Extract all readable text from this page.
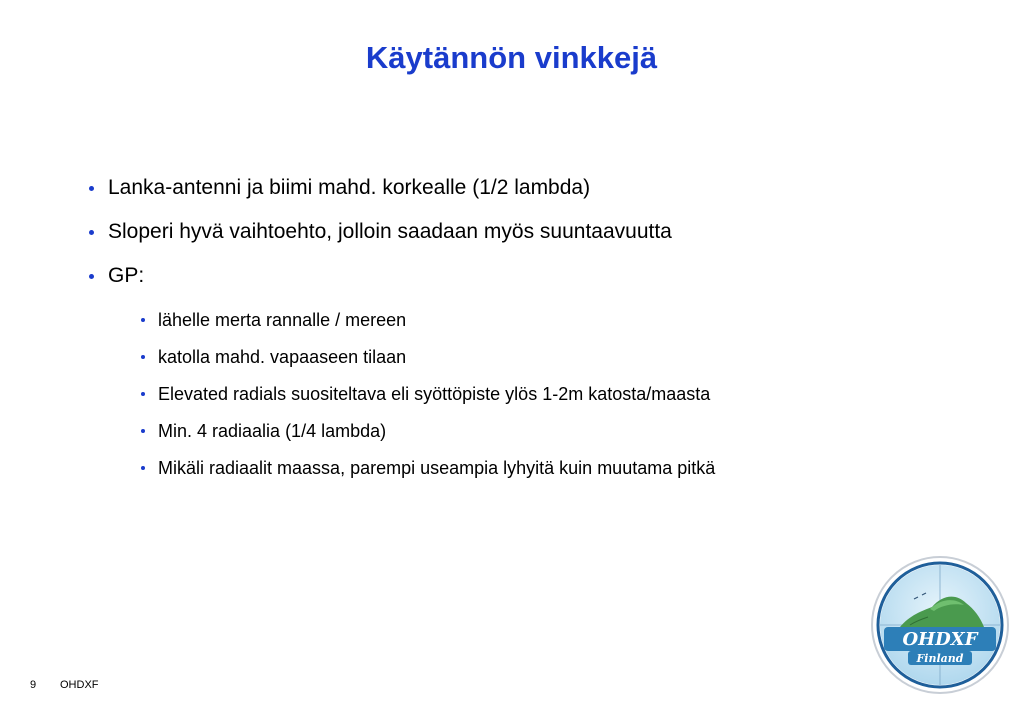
Käytännön vinkkejä
Lanka-antenni ja biimi mahd. korkealle (1/2 lambda)
Sloperi hyvä vaihtoehto, jolloin saadaan myös suuntaavuutta
GP:
lähelle merta rannalle / mereen
katolla mahd. vapaaseen tilaan
Elevated radials suositeltava eli syöttöpiste ylös 1-2m katosta/maasta
Min. 4 radiaalia (1/4 lambda)
Mikäli radiaalit maassa, parempi useampia lyhyitä kuin muutama pitkä
9 OHDXF
OHDXF
Finland
